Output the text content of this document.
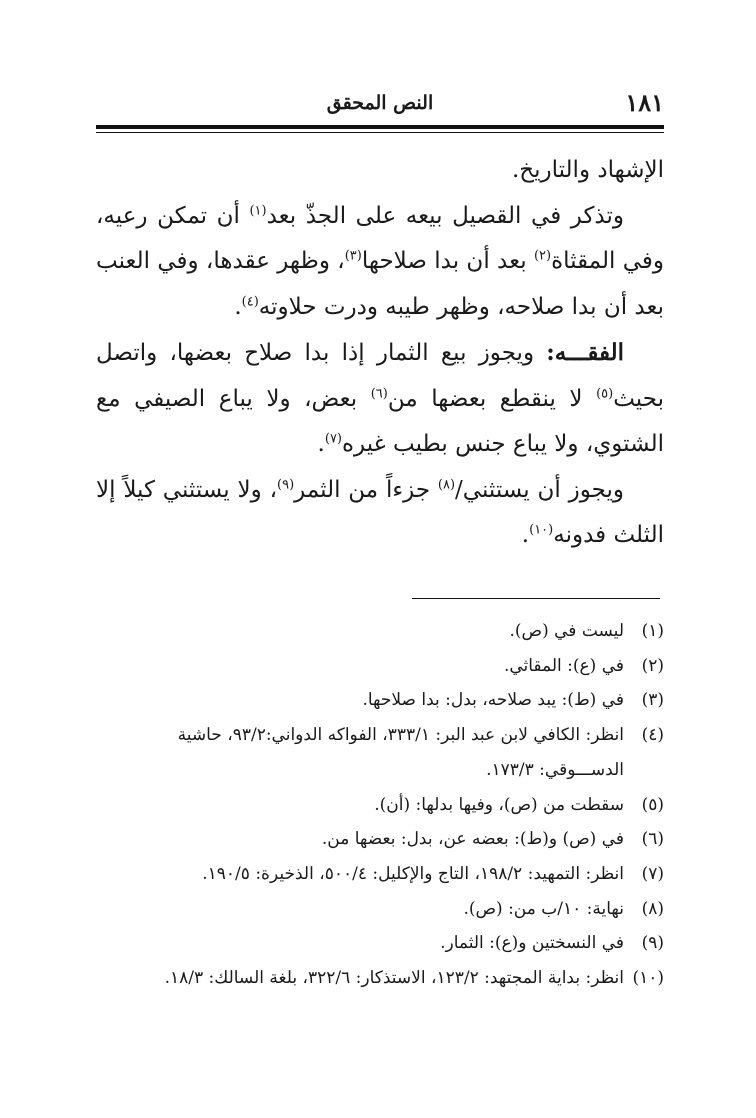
١٨١
النص المحقق

الإشهاد والتاريخ.

وتذكر في القصيل بيعه على الجذّ بعد$^{(١)}$ أن تمكن رعيه، وفي المقثاة$^{(٢)}$ بعد أن بدا صلاحها$^{(٣)}$، وظهر عقدها، وفي العنب بعد أن بدا صلاحه، وظهر طيبه ودرت حلاوته$^{(٤)}$.

الفقـــه: ويجوز بيع الثمار إذا بدا صلاح بعضها، واتصل بحيث$^{(٥)}$ لا ينقطع بعضها من$^{(٦)}$ بعض، ولا يباع الصيفي مع الشتوي، ولا يباع جنس بطيب غيره$^{(٧)}$.

ويجوز أن يستثني/$^{(٨)}$ جزءاً من الثمر$^{(٩)}$، ولا يستثني كيلاً إلا الثلث فدونه$^{(١٠)}$.

(١)
ليست في (ص).
(٢)
في (ع): المقاثي.
(٣)
في (ط): يبد صلاحه، بدل: بدا صلاحها.
(٤)
انظر: الكافي لابن عبد البر: ٣٣٣/١، الفواكه الدواني:٩٣/٢، حاشية الدســـوقي: ١٧٣/٣.
(٥)
سقطت من (ص)، وفيها بدلها: (أن).
(٦)
في (ص) و(ط): بعضه عن، بدل: بعضها من.
(٧)
انظر: التمهيد: ١٩٨/٢، التاج والإكليل: ٥٠٠/٤، الذخيرة: ١٩٠/٥.
(٨)
نهاية: ١٠/ب من: (ص).
(٩)
في النسختين و(ع): الثمار.
(١٠)
انظر: بداية المجتهد: ١٢٣/٢، الاستذكار: ٣٢٢/٦، بلغة السالك: ١٨/٣.
